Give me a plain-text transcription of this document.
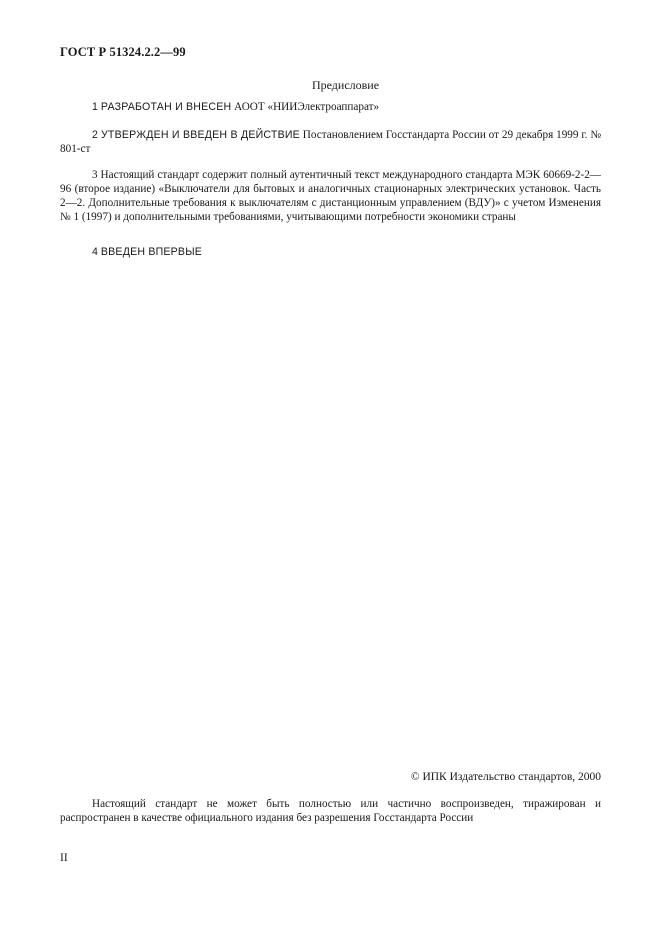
ГОСТ Р 51324.2.2—99
Предисловие

1 РАЗРАБОТАН И ВНЕСЕН АООТ «НИИЭлектроаппарат»

2 УТВЕРЖДЕН И ВВЕДЕН В ДЕЙСТВИЕ Постановлением Госстандарта России от 29 декабря 1999 г. № 801-ст

3 Настоящий стандарт содержит полный аутентичный текст международного стандарта МЭК 60669-2-2—96 (второе издание) «Выключатели для бытовых и аналогичных стационарных электрических установок. Часть 2—2. Дополнительные требования к выключателям с дистанционным управлением (ВДУ)» с учетом Изменения № 1 (1997) и дополнительными требованиями, учитывающими потребности экономики страны

4 ВВЕДЕН ВПЕРВЫЕ

© ИПК Издательство стандартов, 2000

Настоящий стандарт не может быть полностью или частично воспроизведен, тиражирован и распространен в качестве официального издания без разрешения Госстандарта России

II
